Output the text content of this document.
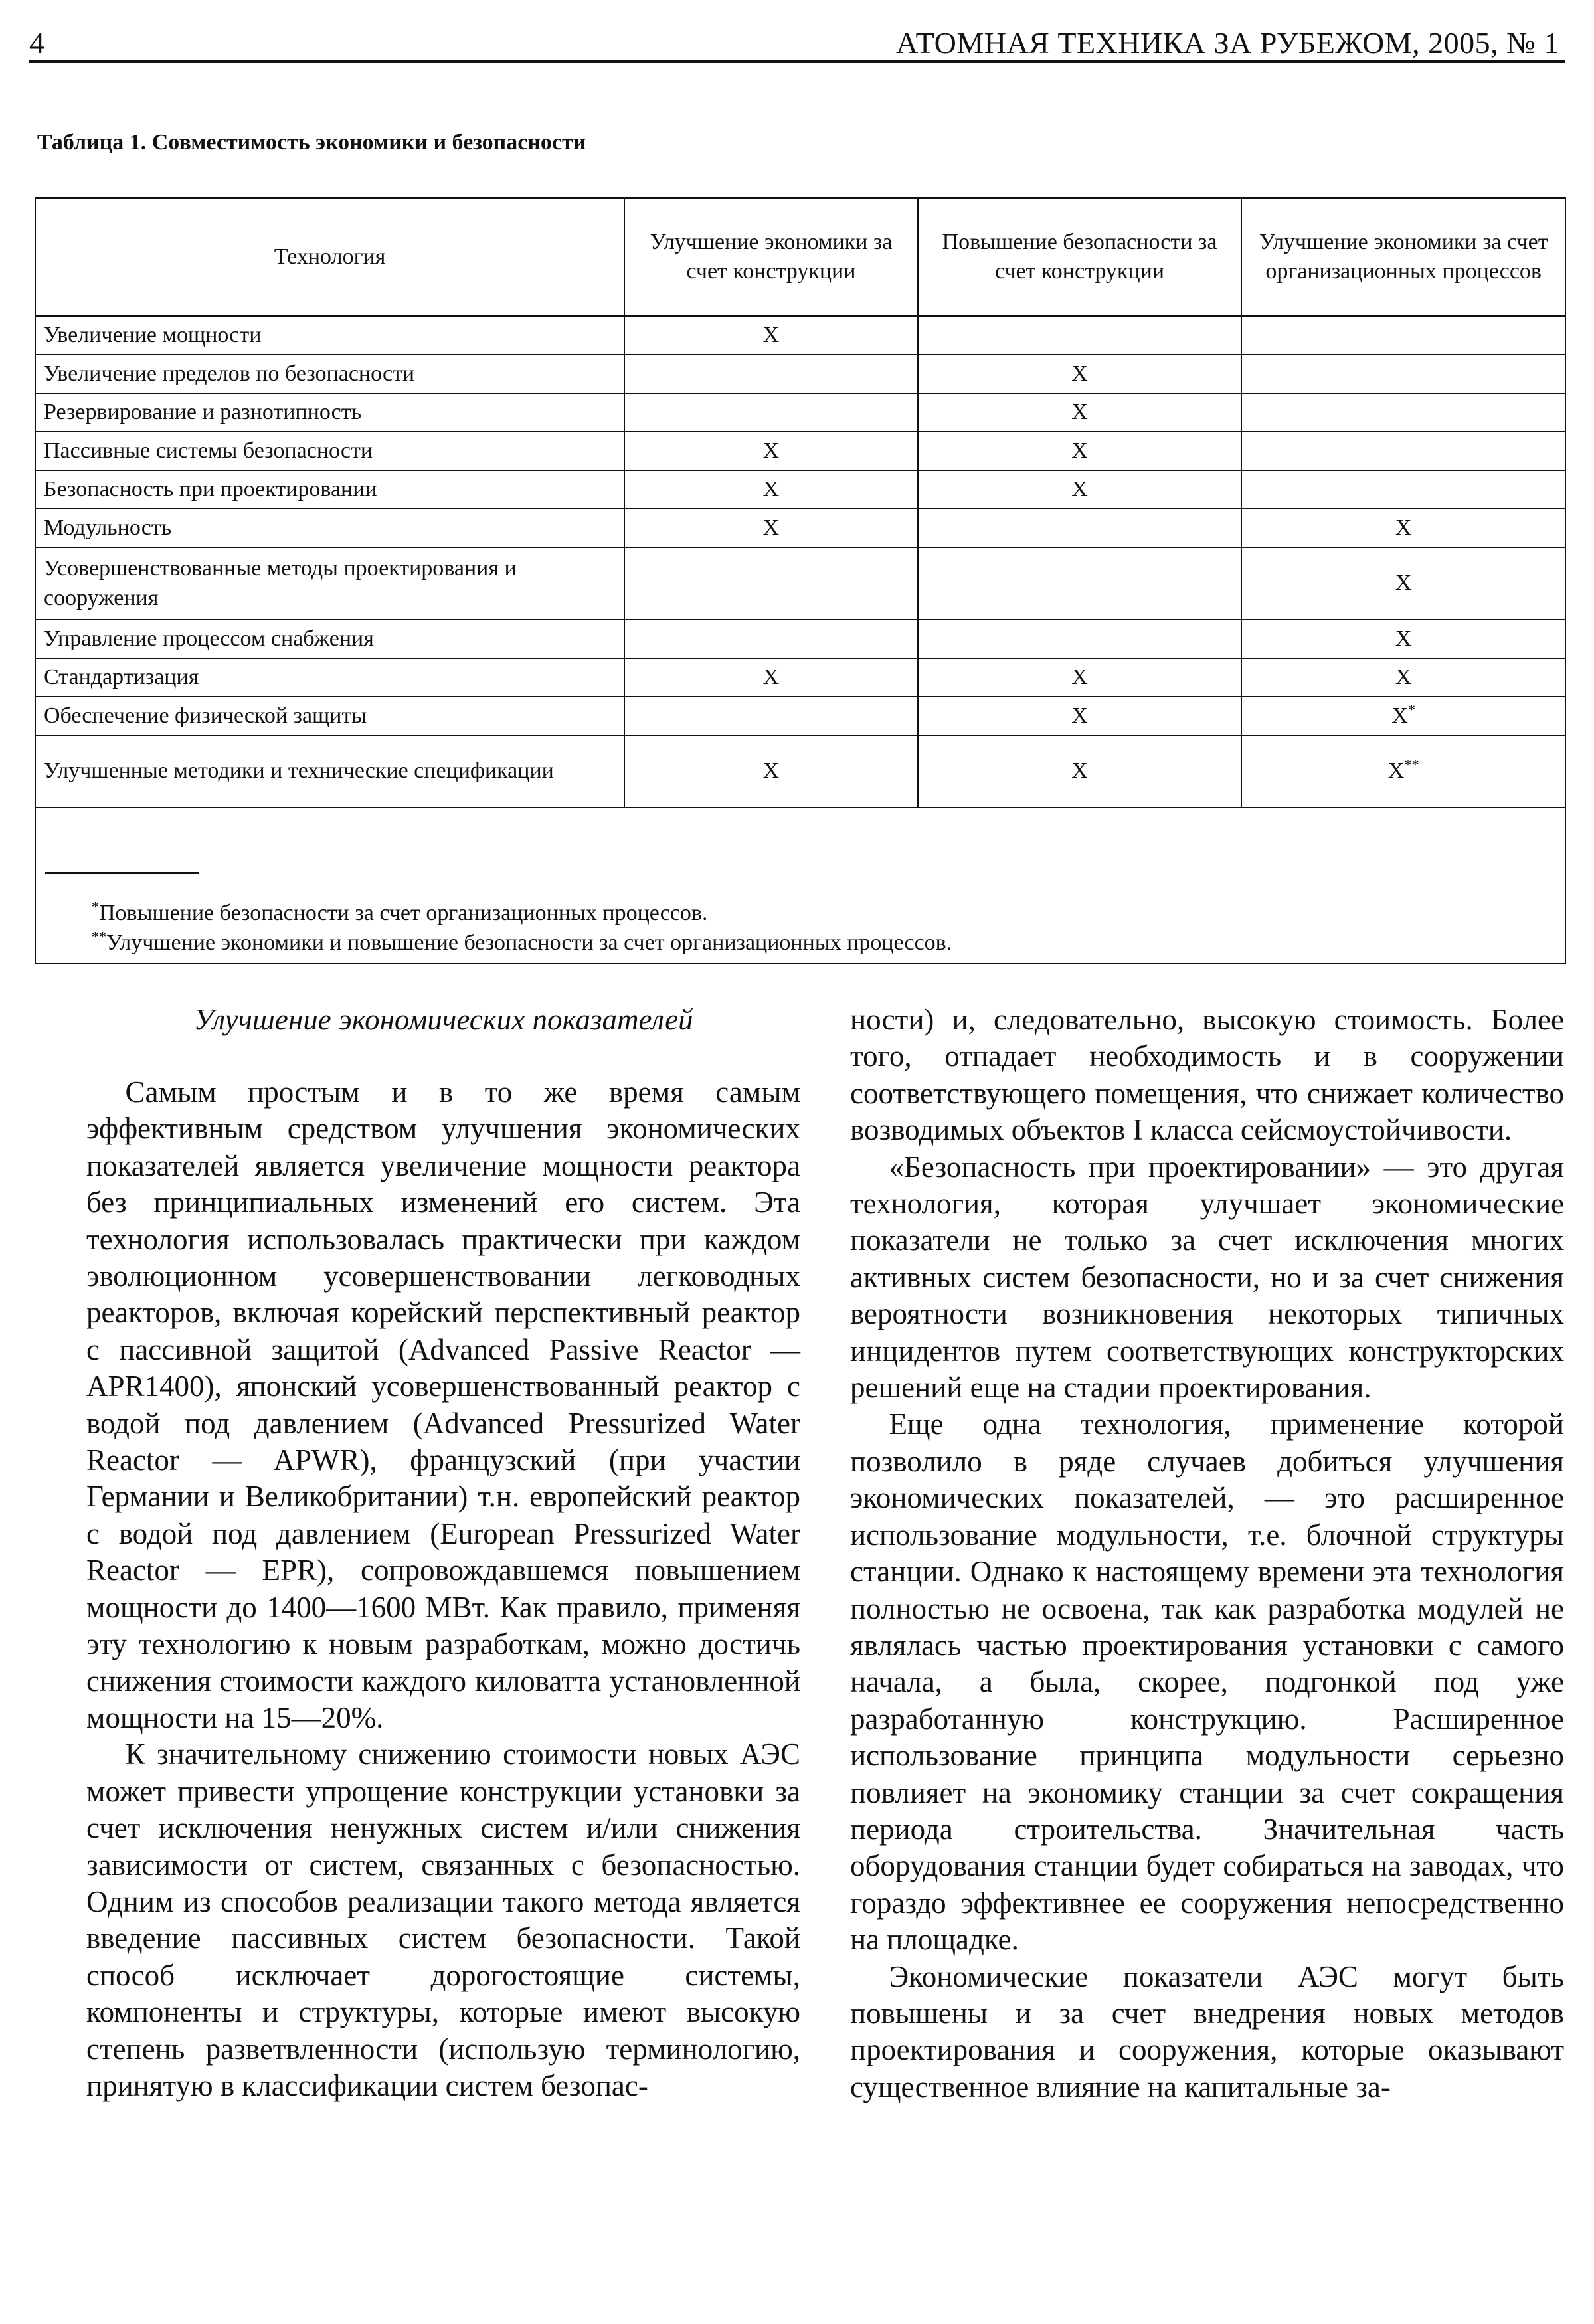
4	АТОМНАЯ ТЕХНИКА ЗА РУБЕЖОМ, 2005, № 1
Таблица 1. Совместимость экономики и безопасности
Технология	Улучшение экономики за счет конструкции	Повышение безопасности за счет конструкции	Улучшение экономики за счет организационных процессов
Увеличение мощности	X		
Увеличение пределов по безопасности		X	
Резервирование и разнотипность		X	
Пассивные системы безопасности	X	X	
Безопасность при проектировании	X	X	
Модульность	X		X
Усовершенствованные методы проектирования и сооружения			X
Управление процессом снабжения			X
Стандартизация	X	X	X
Обеспечение физической защиты		X	X*
Улучшенные методики и технические спецификации	X	X	X**

*Повышение безопасности за счет организационных процессов.
**Улучшение экономики и повышение безопасности за счет организационных процессов.			

Улучшение экономических показателей

Самым простым и в то же время самым эффективным средством улучшения экономических показателей является увеличение мощности реактора без принципиальных изменений его систем. Эта технология использовалась практически при каждом эволюционном усовершенствовании легководных реакторов, включая корейский перспективный реактор с пассивной защитой (Advanced Passive Reactor — APR1400), японский усовершенствованный реактор с водой под давлением (Advanced Pressurized Water Reactor — APWR), французский (при участии Германии и Великобритании) т.н. европейский реактор с водой под давлением (European Pressurized Water Reactor — EPR), сопровождавшемся повышением мощности до 1400—1600 МВт. Как правило, применяя эту технологию к новым разработкам, можно достичь снижения стоимости каждого киловатта установленной мощности на 15—20%.

К значительному снижению стоимости новых АЭС может привести упрощение конструкции установки за счет исключения ненужных систем и/или снижения зависимости от систем, связанных с безопасностью. Одним из способов реализации такого метода является введение пассивных систем безопасности. Такой способ исключает дорогостоящие системы, компоненты и структуры, которые имеют высокую степень разветвленности (использую терминологию, принятую в классификации систем безопас-

ности) и, следовательно, высокую стоимость. Более того, отпадает необходимость и в сооружении соответствующего помещения, что снижает количество возводимых объектов I класса сейсмоустойчивости.

«Безопасность при проектировании» — это другая технология, которая улучшает экономические показатели не только за счет исключения многих активных систем безопасности, но и за счет снижения вероятности возникновения некоторых типичных инцидентов путем соответствующих конструкторских решений еще на стадии проектирования.

Еще одна технология, применение которой позволило в ряде случаев добиться улучшения экономических показателей, — это расширенное использование модульности, т.е. блочной структуры станции. Однако к настоящему времени эта технология полностью не освоена, так как разработка модулей не являлась частью проектирования установки с самого начала, а была, скорее, подгонкой под уже разработанную конструкцию. Расширенное использование принципа модульности серьезно повлияет на экономику станции за счет сокращения периода строительства. Значительная часть оборудования станции будет собираться на заводах, что гораздо эффективнее ее сооружения непосредственно на площадке.

Экономические показатели АЭС могут быть повышены и за счет внедрения новых методов проектирования и сооружения, которые оказывают существенное влияние на капитальные за-
